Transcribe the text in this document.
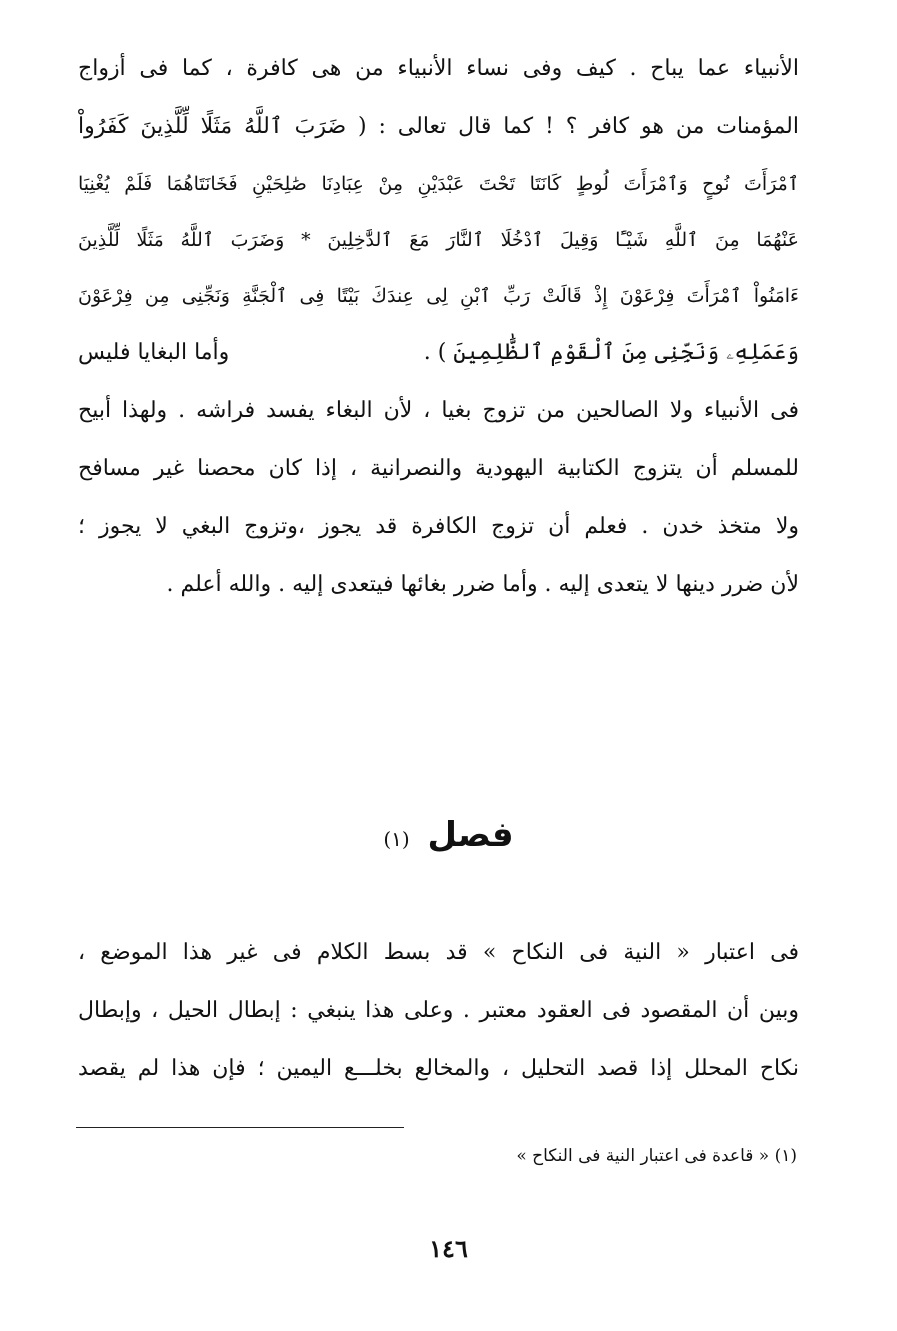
الأنبياء عما يباح . كيف وفى نساء الأنبياء من هى كافرة ، كما فى أزواج
المؤمنات من هو كافر ؟ ! كما قال تعالى : ( ضَرَبَ ٱللَّهُ مَثَلًا لِّلَّذِينَ كَفَرُواْ
ٱمْرَأَتَ نُوحٍ وَٱمْرَأَتَ لُوطٍ كَانَتَا تَحْتَ عَبْدَيْنِ مِنْ عِبَادِنَا صَٰلِحَيْنِ فَخَانَتَاهُمَا فَلَمْ يُغْنِيَا
عَنْهُمَا مِنَ ٱللَّهِ شَيْـًٔا وَقِيلَ ٱدْخُلَا ٱلنَّارَ مَعَ ٱلدَّٰخِلِينَ * وَضَرَبَ ٱللَّهُ مَثَلًا لِّلَّذِينَ
ءَامَنُواْ ٱمْرَأَتَ فِرْعَوْنَ إِذْ قَالَتْ رَبِّ ٱبْنِ لِى عِندَكَ بَيْتًا فِى ٱلْجَنَّةِ وَنَجِّنِى مِن فِرْعَوْنَ
وَعَمَلِهِۦ وَنَجِّنِى مِنَ ٱلْقَوْمِ ٱلظَّٰلِمِينَ ) .
وأما البغايا فليس
فى الأنبياء ولا الصالحين من تزوج بغيا ، لأن البغاء يفسد فراشه . ولهذا أبيح
للمسلم أن يتزوج الكتابية اليهودية والنصرانية ، إذا كان محصنا غير مسافح
ولا متخذ خدن . فعلم أن تزوج الكافرة قد يجوز ،وتزوج البغي لا يجوز ؛
لأن ضرر دينها لا يتعدى إليه . وأما ضرر بغائها فيتعدى إليه . والله أعلم .
فصل (١)
فى اعتبار « النية فى النكاح » قد بسط الكلام فى غير هذا الموضع ،
وبين أن المقصود فى العقود معتبر . وعلى هذا ينبغي : إبطال الحيل ، وإبطال
نكاح المحلل إذا قصد التحليل ، والمخالع بخلـــع اليمين ؛ فإن هذا لم يقصد
(١) « قاعدة فى اعتبار النية فى النكاح »
١٤٦
